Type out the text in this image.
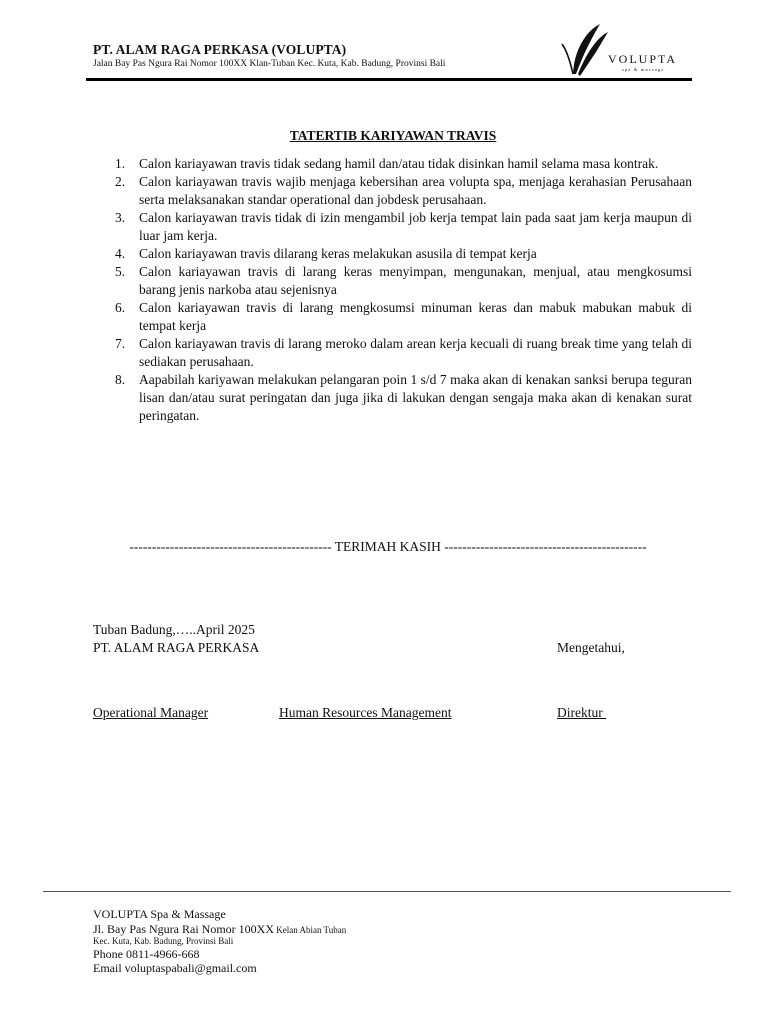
PT. ALAM RAGA PERKASA (VOLUPTA)
Jalan Bay Pas Ngura Rai Nomor 100XX Klan-Tuban Kec. Kuta, Kab. Badung, Provinsi Bali	VOLUPTA
spa & massage
TATERTIB KARIYAWAN TRAVIS
1. Calon kariayawan travis tidak sedang hamil dan/atau tidak disinkan hamil selama masa kontrak.
2. Calon kariayawan travis wajib menjaga kebersihan area volupta spa, menjaga kerahasian Perusahaan serta melaksanakan standar operational dan jobdesk perusahaan.
3. Calon kariayawan travis tidak di izin mengambil job kerja tempat lain pada saat jam kerja maupun di luar jam kerja.
4. Calon kariayawan travis dilarang keras melakukan asusila di tempat kerja
5. Calon kariayawan travis di larang keras menyimpan, mengunakan, menjual, atau mengkosumsi barang jenis narkoba atau sejenisnya
6. Calon kariayawan travis di larang mengkosumsi minuman keras dan mabuk mabukan mabuk di tempat kerja
7. Calon kariayawan travis di larang meroko dalam arean kerja kecuali di ruang break time yang telah di sediakan perusahaan.
8. Aapabilah kariyawan melakukan pelangaran poin 1 s/d 7 maka akan di kenakan sanksi berupa teguran lisan dan/atau surat peringatan dan juga jika di lakukan dengan sengaja maka akan di kenakan surat peringatan.
--------------------------------------------- TERIMAH KASIH ---------------------------------------------
Tuban Badung,…..April 2025
PT. ALAM RAGA PERKASA	Mengetahui,
Operational Manager	Human Resources Management	Direktur
VOLUPTA Spa & Massage
Jl. Bay Pas Ngura Rai Nomor 100XX Kelan Abian Tuban
Kec. Kuta, Kab. Badung, Provinsi Bali
Phone 0811-4966-668
Email voluptaspabali@gmail.com
